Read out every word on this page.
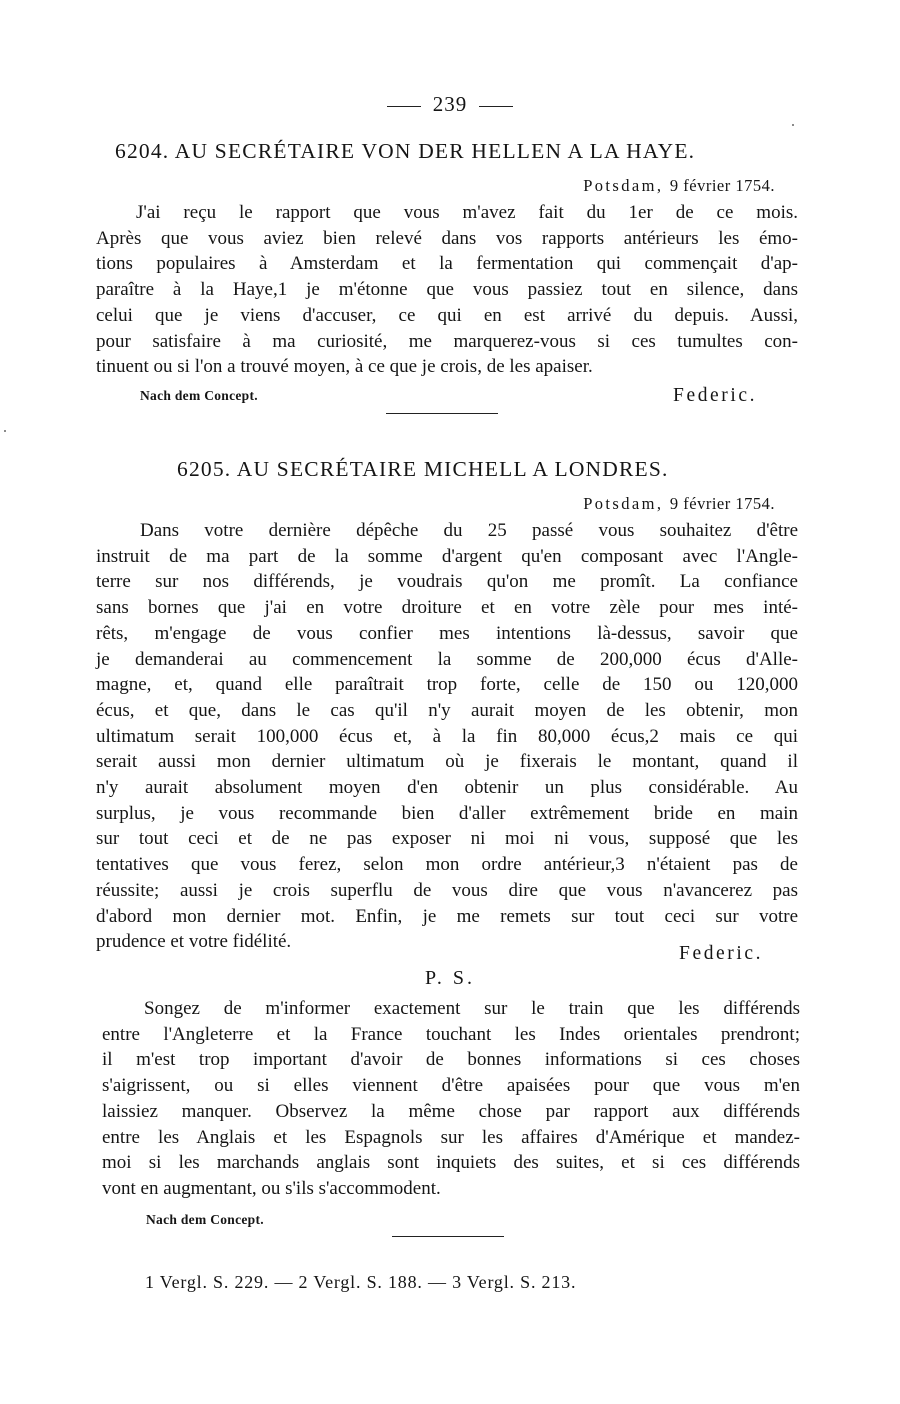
239
6204. AU SECRÉTAIRE VON DER HELLEN A LA HAYE.
Potsdam, 9 février 1754.
J'ai reçu le rapport que vous m'avez fait du 1er de ce mois.
Après que vous aviez bien relevé dans vos rapports antérieurs les émo-
tions populaires à Amsterdam et la fermentation qui commençait d'ap-
paraître à la Haye,1 je m'étonne que vous passiez tout en silence, dans
celui que je viens d'accuser, ce qui en est arrivé du depuis. Aussi,
pour satisfaire à ma curiosité, me marquerez-vous si ces tumultes con-
tinuent ou si l'on a trouvé moyen, à ce que je crois, de les apaiser.
Nach dem Concept.	Federic.
6205. AU SECRÉTAIRE MICHELL A LONDRES.
Potsdam, 9 février 1754.
Dans votre dernière dépêche du 25 passé vous souhaitez d'être
instruit de ma part de la somme d'argent qu'en composant avec l'Angle-
terre sur nos différends, je voudrais qu'on me promît. La confiance
sans bornes que j'ai en votre droiture et en votre zèle pour mes inté-
rêts, m'engage de vous confier mes intentions là-dessus, savoir que
je demanderai au commencement la somme de 200,000 écus d'Alle-
magne, et, quand elle paraîtrait trop forte, celle de 150 ou 120,000
écus, et que, dans le cas qu'il n'y aurait moyen de les obtenir, mon
ultimatum serait 100,000 écus et, à la fin 80,000 écus,2 mais ce qui
serait aussi mon dernier ultimatum où je fixerais le montant, quand il
n'y aurait absolument moyen d'en obtenir un plus considérable. Au
surplus, je vous recommande bien d'aller extrêmement bride en main
sur tout ceci et de ne pas exposer ni moi ni vous, supposé que les
tentatives que vous ferez, selon mon ordre antérieur,3 n'étaient pas de
réussite; aussi je crois superflu de vous dire que vous n'avancerez pas
d'abord mon dernier mot. Enfin, je me remets sur tout ceci sur votre
prudence et votre fidélité.
Federic.
P. S.
Songez de m'informer exactement sur le train que les différends
entre l'Angleterre et la France touchant les Indes orientales prendront;
il m'est trop important d'avoir de bonnes informations si ces choses
s'aigrissent, ou si elles viennent d'être apaisées pour que vous m'en
laissiez manquer. Observez la même chose par rapport aux différends
entre les Anglais et les Espagnols sur les affaires d'Amérique et mandez-
moi si les marchands anglais sont inquiets des suites, et si ces différends
vont en augmentant, ou s'ils s'accommodent.
Nach dem Concept.
1 Vergl. S. 229. — 2 Vergl. S. 188. — 3 Vergl. S. 213.
